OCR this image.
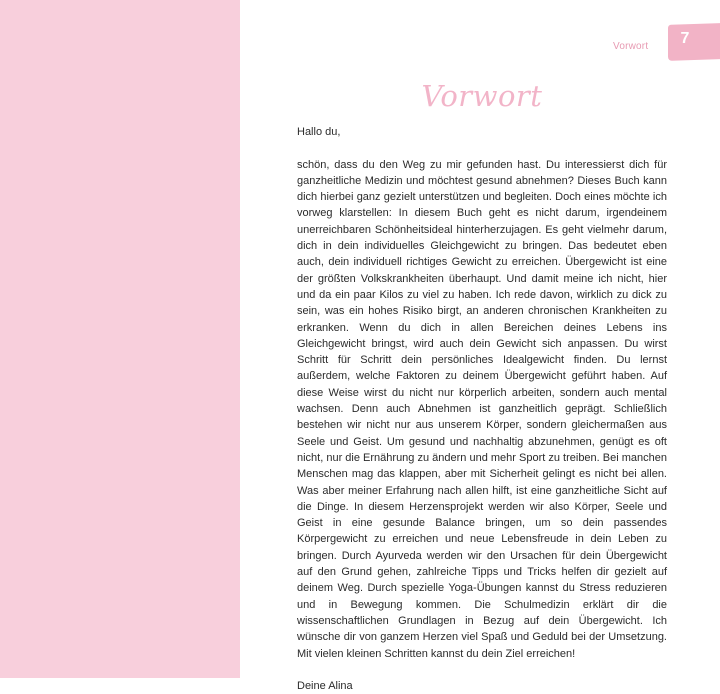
Vorwort	7
Vorwort

Hallo du,

schön, dass du den Weg zu mir gefunden hast. Du interessierst dich für ganzheitliche Medizin und möchtest gesund abnehmen? Dieses Buch kann dich hierbei ganz gezielt unterstützen und begleiten. Doch eines möchte ich vorweg klarstellen: In diesem Buch geht es nicht darum, irgendeinem unerreichbaren Schönheitsideal hinterherzujagen. Es geht vielmehr darum, dich in dein individuelles Gleichgewicht zu bringen. Das bedeutet eben auch, dein individuell richtiges Gewicht zu erreichen. Übergewicht ist eine der größten Volkskrankheiten überhaupt. Und damit meine ich nicht, hier und da ein paar Kilos zu viel zu haben. Ich rede davon, wirklich zu dick zu sein, was ein hohes Risiko birgt, an anderen chronischen Krankheiten zu erkranken. Wenn du dich in allen Bereichen deines Lebens ins Gleichgewicht bringst, wird auch dein Gewicht sich anpassen. Du wirst Schritt für Schritt dein persönliches Idealgewicht finden. Du lernst außerdem, welche Faktoren zu deinem Übergewicht geführt haben. Auf diese Weise wirst du nicht nur körperlich arbeiten, sondern auch mental wachsen. Denn auch Abnehmen ist ganzheitlich geprägt. Schließlich bestehen wir nicht nur aus unserem Körper, sondern gleichermaßen aus Seele und Geist. Um gesund und nachhaltig abzunehmen, genügt es oft nicht, nur die Ernährung zu ändern und mehr Sport zu treiben. Bei manchen Menschen mag das klappen, aber mit Sicherheit gelingt es nicht bei allen. Was aber meiner Erfahrung nach allen hilft, ist eine ganzheitliche Sicht auf die Dinge. In diesem Herzensprojekt werden wir also Körper, Seele und Geist in eine gesunde Balance bringen, um so dein passendes Körpergewicht zu erreichen und neue Lebensfreude in dein Leben zu bringen. Durch Ayurveda werden wir den Ursachen für dein Übergewicht auf den Grund gehen, zahlreiche Tipps und Tricks helfen dir gezielt auf deinem Weg. Durch spezielle Yoga-Übungen kannst du Stress reduzieren und in Bewegung kommen. Die Schulmedizin erklärt dir die wissenschaftlichen Grundlagen in Bezug auf dein Übergewicht. Ich wünsche dir von ganzem Herzen viel Spaß und Geduld bei der Umsetzung. Mit vielen kleinen Schritten kannst du dein Ziel erreichen!

Deine Alina
